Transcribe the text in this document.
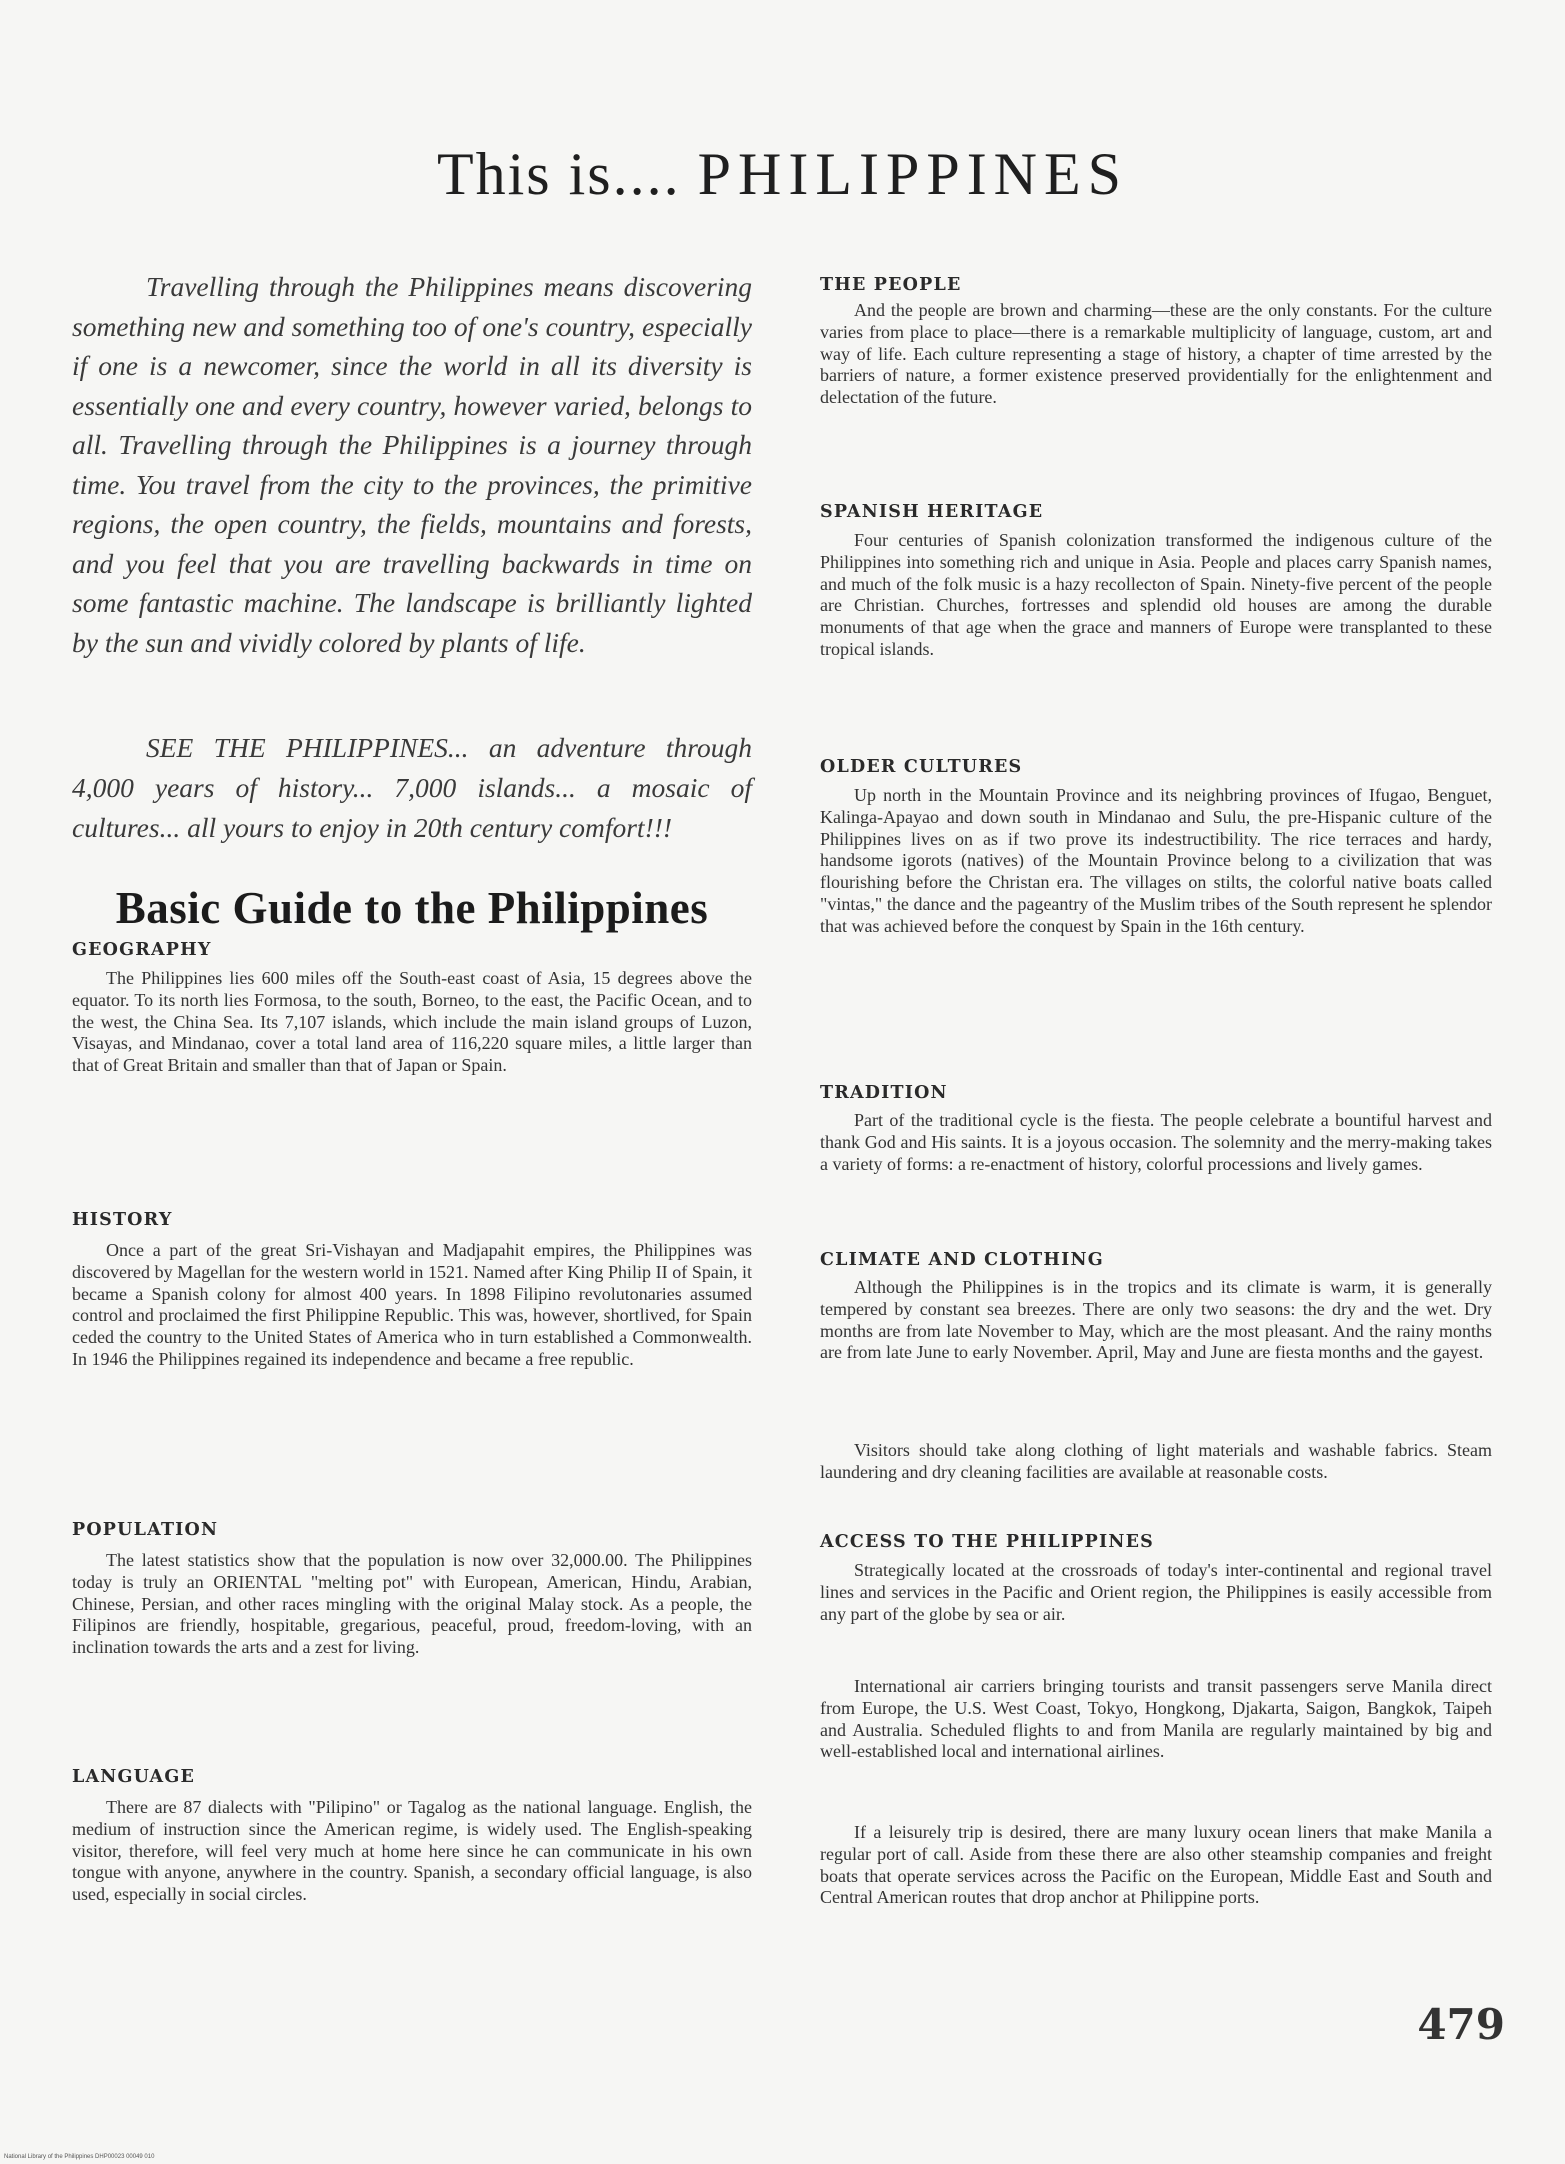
This is.... PHILIPPINES

Travelling through the Philippines means discovering something new and something too of one's country, especially if one is a newcomer, since the world in all its diversity is essentially one and every country, however varied, belongs to all. Travelling through the Philippines is a journey through time. You travel from the city to the provinces, the primitive regions, the open country, the fields, mountains and forests, and you feel that you are travelling backwards in time on some fantastic machine. The landscape is brilliantly lighted by the sun and vividly colored by plants of life.

SEE THE PHILIPPINES... an adventure through 4,000 years of history... 7,000 islands... a mosaic of cultures... all yours to enjoy in 20th century comfort!!!

Basic Guide to the Philippines
GEOGRAPHY

The Philippines lies 600 miles off the South-east coast of Asia, 15 degrees above the equator. To its north lies Formosa, to the south, Borneo, to the east, the Pacific Ocean, and to the west, the China Sea. Its 7,107 islands, which include the main island groups of Luzon, Visayas, and Mindanao, cover a total land area of 116,220 square miles, a little larger than that of Great Britain and smaller than that of Japan or Spain.

HISTORY

Once a part of the great Sri-Vishayan and Madjapahit empires, the Philippines was discovered by Magellan for the western world in 1521. Named after King Philip II of Spain, it became a Spanish colony for almost 400 years. In 1898 Filipino revolutonaries assumed control and proclaimed the first Philippine Republic. This was, however, shortlived, for Spain ceded the country to the United States of America who in turn established a Commonwealth. In 1946 the Philippines regained its independence and became a free republic.

POPULATION

The latest statistics show that the population is now over 32,000.00. The Philippines today is truly an ORIENTAL "melting pot" with European, American, Hindu, Arabian, Chinese, Persian, and other races mingling with the original Malay stock. As a people, the Filipinos are friendly, hospitable, gregarious, peaceful, proud, freedom-loving, with an inclination towards the arts and a zest for living.

LANGUAGE

There are 87 dialects with "Pilipino" or Tagalog as the national language. English, the medium of instruction since the American regime, is widely used. The English-speaking visitor, therefore, will feel very much at home here since he can communicate in his own tongue with anyone, anywhere in the country. Spanish, a secondary official language, is also used, especially in social circles.

THE PEOPLE

And the people are brown and charming—these are the only constants. For the culture varies from place to place—there is a remarkable multiplicity of language, custom, art and way of life. Each culture representing a stage of history, a chapter of time arrested by the barriers of nature, a former existence preserved providentially for the enlightenment and delectation of the future.

SPANISH HERITAGE

Four centuries of Spanish colonization transformed the indigenous culture of the Philippines into something rich and unique in Asia. People and places carry Spanish names, and much of the folk music is a hazy recollecton of Spain. Ninety-five percent of the people are Christian. Churches, fortresses and splendid old houses are among the durable monuments of that age when the grace and manners of Europe were transplanted to these tropical islands.

OLDER CULTURES

Up north in the Mountain Province and its neighbring provinces of Ifugao, Benguet, Kalinga-Apayao and down south in Mindanao and Sulu, the pre-Hispanic culture of the Philippines lives on as if two prove its indestructibility. The rice terraces and hardy, handsome igorots (natives) of the Mountain Province belong to a civilization that was flourishing before the Christan era. The villages on stilts, the colorful native boats called "vintas," the dance and the pageantry of the Muslim tribes of the South represent he splendor that was achieved before the conquest by Spain in the 16th century.

TRADITION

Part of the traditional cycle is the fiesta. The people celebrate a bountiful harvest and thank God and His saints. It is a joyous occasion. The solemnity and the merry-making takes a variety of forms: a re-enactment of history, colorful processions and lively games.

CLIMATE AND CLOTHING

Although the Philippines is in the tropics and its climate is warm, it is generally tempered by constant sea breezes. There are only two seasons: the dry and the wet. Dry months are from late November to May, which are the most pleasant. And the rainy months are from late June to early November. April, May and June are fiesta months and the gayest.

Visitors should take along clothing of light materials and washable fabrics. Steam laundering and dry cleaning facilities are available at reasonable costs.

ACCESS TO THE PHILIPPINES

Strategically located at the crossroads of today's inter-continental and regional travel lines and services in the Pacific and Orient region, the Philippines is easily accessible from any part of the globe by sea or air.

International air carriers bringing tourists and transit passengers serve Manila direct from Europe, the U.S. West Coast, Tokyo, Hongkong, Djakarta, Saigon, Bangkok, Taipeh and Australia. Scheduled flights to and from Manila are regularly maintained by big and well-established local and international airlines.

If a leisurely trip is desired, there are many luxury ocean liners that make Manila a regular port of call. Aside from these there are also other steamship companies and freight boats that operate services across the Pacific on the European, Middle East and South and Central American routes that drop anchor at Philippine ports.

479
National Library of the Philippines DHP00023 00049 010
